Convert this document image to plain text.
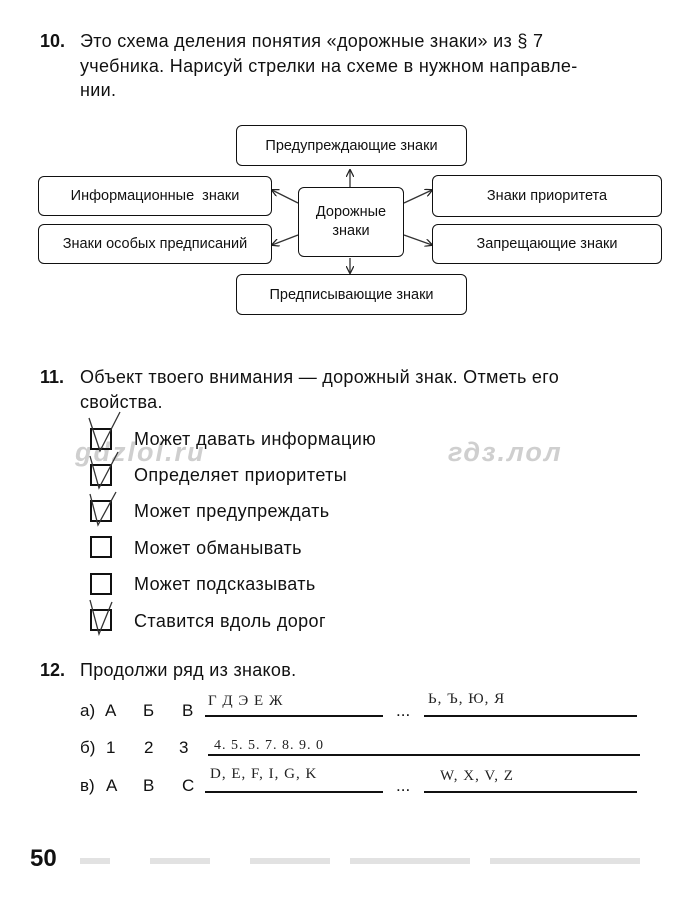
10. Это схема деления понятия «дорожные знаки» из § 7
учебника. Нарисуй стрелки на схеме в нужном направле-
нии.
Предупреждающие знаки
Информационные знаки
Знаки особых предписаний
Дорожные
знаки
Знаки приоритета
Запрещающие знаки
Предписывающие знаки
11. Объект твоего внимания — дорожный знак. Отметь его
свойства.
gdzlol.ru	гдз.лол
Может давать информацию
Определяет приоритеты
Может предупреждать
Может обманывать
Может подсказывать
Ставится вдоль дорог
12. Продолжи ряд из знаков.
а) А Б В Г Д Э Е Ж	...
Ь, Ъ, Ю, Я
б) 1 2 3 4. 5. 5. 7. 8. 9. 0
в) А В С
D, E, F, I, G, K
... W, X, V, Z
50
